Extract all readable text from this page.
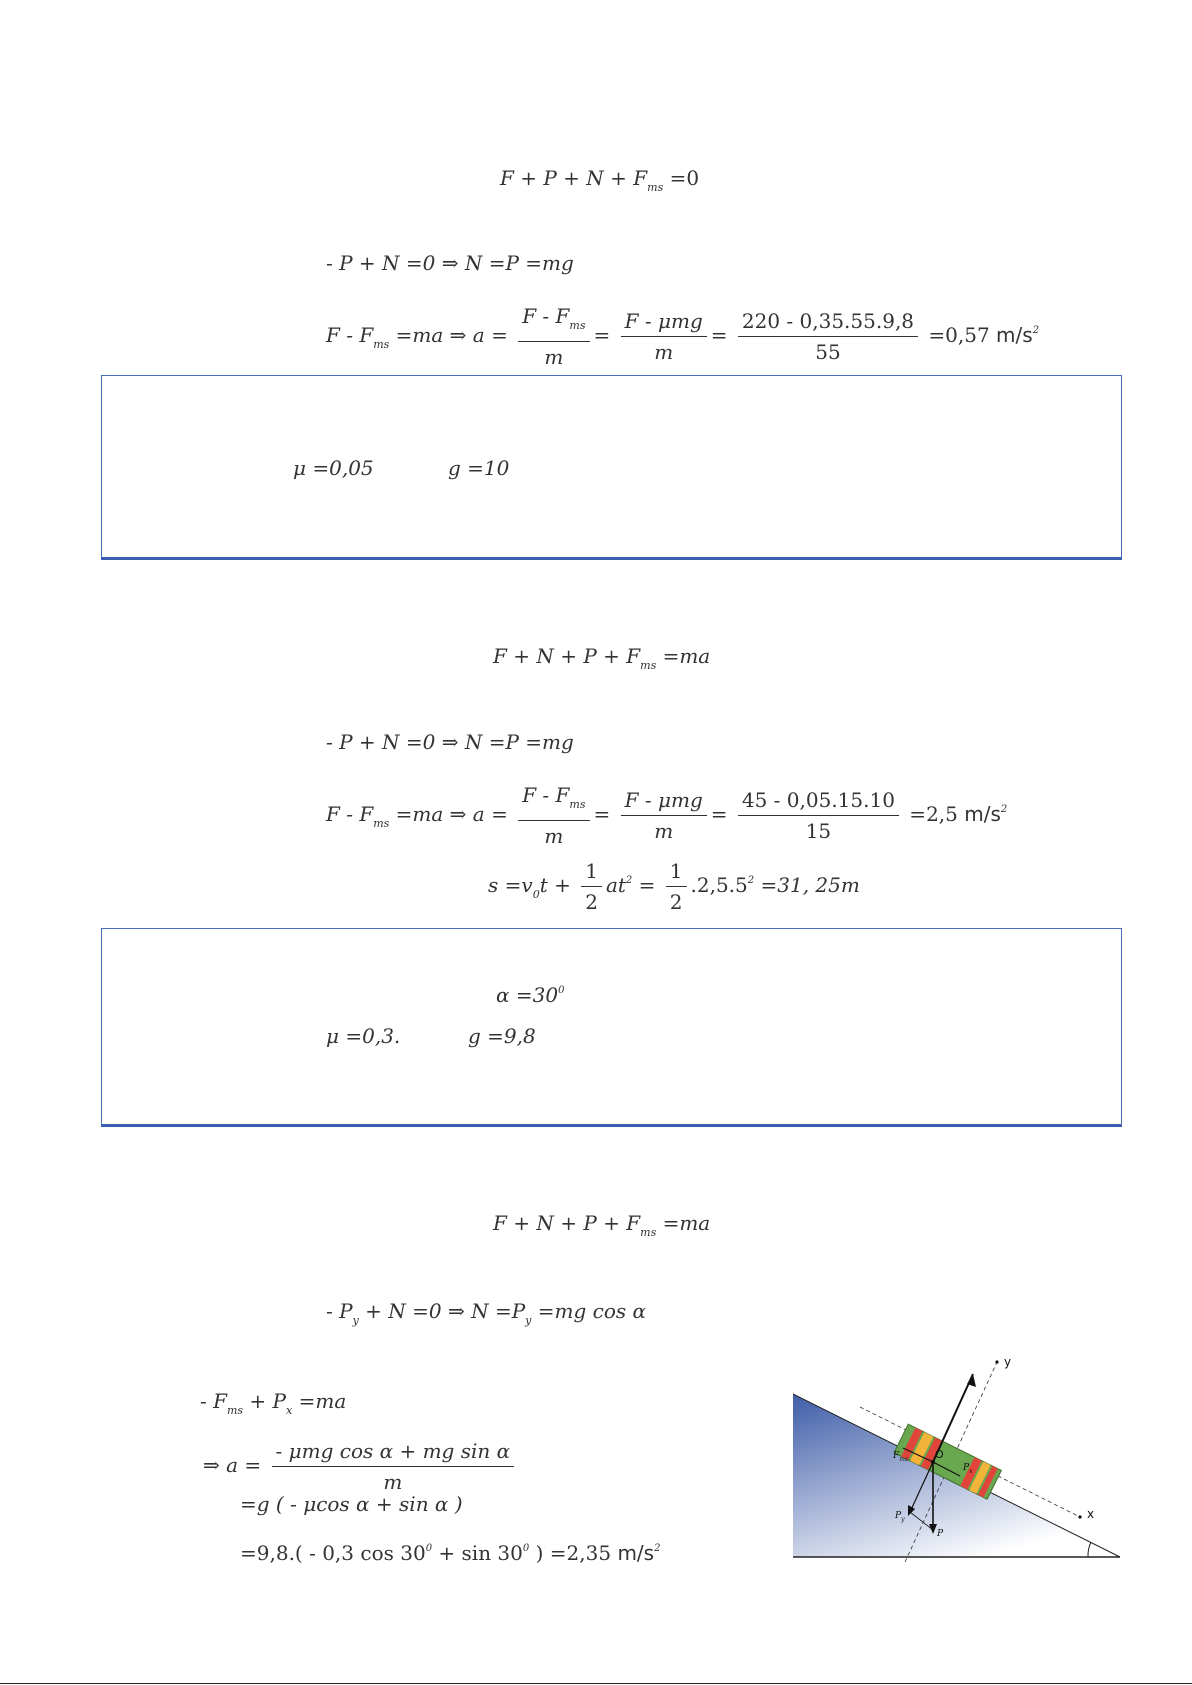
$F + P + N + F_{ms} =0$
- P + N =0 ⇒ N =P =mg
$F - F_{ms} =ma$ ⇒ $a = \frac{F - F_{ms}}{m} = \frac{\text{F - μmg}}{m} = \frac{220 - 0,35.55.9,8}{55} =0,57$ $m/s^2$
μ =0,05	g =10
$F + N + P + F_{ms} =ma$
- P + N =0 ⇒ N =P =mg
$F - F_{ms} =ma$ ⇒ $a = \frac{F - F_{ms}}{m} = \frac{\text{F - μmg}}{m} = \frac{45 - 0,05.15.10}{15} =2,5$ $m/s^2$
$s =v_0t + \frac{1}{2} at^2 = \frac{1}{2} .2,5.5^2 =31$, 25m
$\alpha =30^0$
μ =0,3.	g =9,8
$F + N + P + F_{ms} =ma$
- $P_y + N =0$ ⇒ $N =P_y =mg$ cos α
- $F_{ms} + P_x =ma$
⇒ $a = \frac{\text{- μmg cos α + mg sin α}}{m}$
=g ( - μcos α + sin α )
=9,8.( - 0,3 $\cos 30^0 + \sin 30^0$ ) =2,35 $m/s^2$
y
x
O
$F_{ms}$
$P_x$
$P_y$
P
